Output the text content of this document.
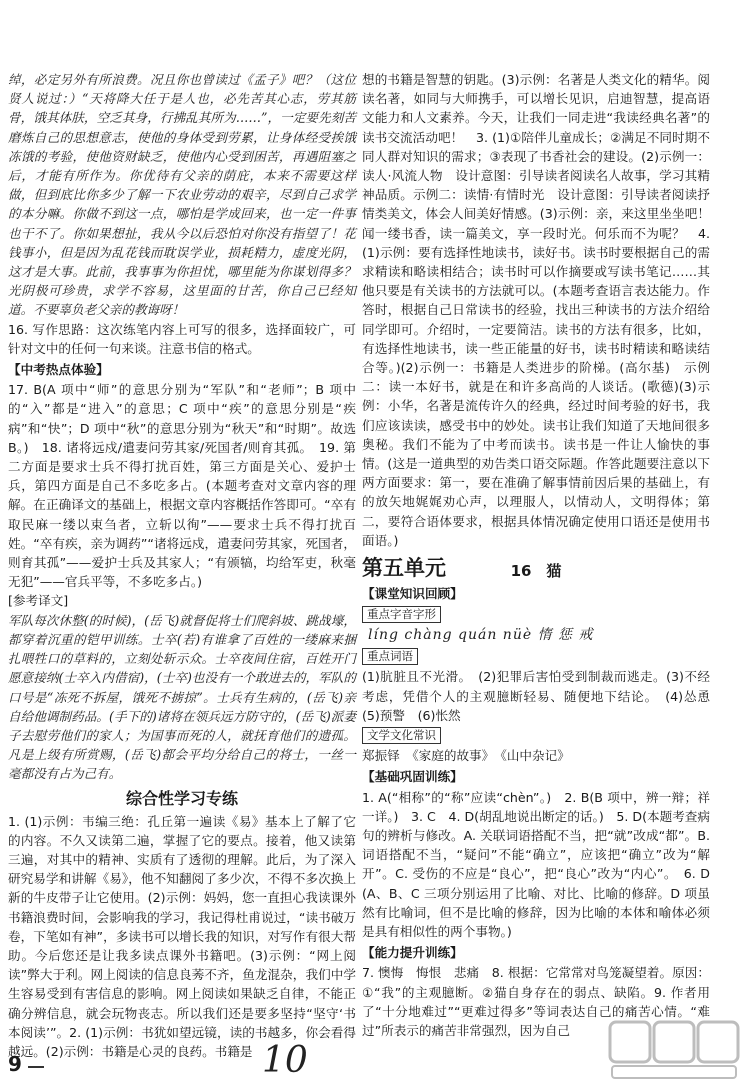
绰，必定另外有所浪费。况且你也曾读过《孟子》吧？（这位贤人说过：）“天将降大任于是人也，必先苦其心志，劳其筋骨，饿其体肤，空乏其身，行拂乱其所为……”，一定要先刻苦磨炼自己的思想意志，使他的身体受到劳累，让身体经受挨饿冻饿的考验，使他资财缺乏，使他内心受到困苦，再遇阻塞之后，才能有所作为。你优待有父亲的荫庇，本来不需要这样做，但到底比你多少了解一下农业劳动的艰辛，尽到自己求学的本分嘛。你做不到这一点，哪怕是学成回来，也一定一件事也干不了。你如果想扯，我从今以后恐怕对你没有指望了！花钱事小，但是因为乱花钱而耽误学业，损耗精力，虚度光阴，这才是大事。此前，我事事为你担忧，哪里能为你谋划得多？光阴极可珍贵，求学不容易，这里面的甘苦，你自己已经知道。不要辜负老父亲的教诲呀！

16. 写作思路：这次练笔内容上可写的很多，选择面较广，可针对文中的任何一句来谈。注意书信的格式。

【中考热点体验】

17. B(A 项中“师”的意思分别为“军队”和“老师”；B 项中的“入”都是“进入”的意思；C 项中“疾”的意思分别是“疾病”和“快”；D 项中“秋”的意思分别为“秋天”和“时期”。故选 B。)　18. 诸将远戍/遣妻问劳其家/死国者/则育其孤。　19. 第二方面是要求士兵不得打扰百姓，第三方面是关心、爱护士兵，第四方面是自己不多吃多占。(本题考查对文章内容的理解。在正确译文的基础上，根据文章内容概括作答即可。“卒有取民麻一缕以束刍者，立斩以徇”——要求士兵不得打扰百姓。“卒有疾，亲为调药”“诸将远戍，遣妻问劳其家，死国者，则育其孤”——爱护士兵及其家人；“有颁犒，均给军吏，秋毫无犯”——官兵平等，不多吃多占。)

[参考译文]

军队每次休整(的时候)，(岳飞)就督促将士们爬斜坡、跳战壕，都穿着沉重的铠甲训练。士卒(若)有谁拿了百姓的一缕麻来捆扎喂牲口的草料的，立刻处斩示众。士卒夜间住宿，百姓开门愿意接纳(士卒入内借宿)，(士卒)也没有一个敢进去的，军队的口号是“冻死不拆屋，饿死不掳掠”。士兵有生病的，(岳飞)亲自给他调制药品。(手下的)诸将在领兵远方防守的，(岳飞)派妻子去慰劳他们的家人；为国事而死的人，就抚育他们的遗孤。凡是上级有所赏赐，(岳飞)都会平均分给自己的将士，一丝一毫都没有占为己有。

综合性学习专练

1. (1)示例：韦编三绝：孔丘第一遍读《易》基本上了解了它的内容。不久又读第二遍，掌握了它的要点。接着，他又读第三遍，对其中的精神、实质有了透彻的理解。此后，为了深入研究易学和讲解《易》，他不知翻阅了多少次，不得不多次换上新的牛皮带子让它使用。(2)示例：妈妈，您一直担心我读课外书籍浪费时间，会影响我的学习，我记得杜甫说过，“读书破万卷，下笔如有神”，多读书可以增长我的知识，对写作有很大帮助。今后您还是让我多读点课外书籍吧。(3)示例：“网上阅读”弊大于利。网上阅读的信息良莠不齐，鱼龙混杂，我们中学生容易受到有害信息的影响。网上阅读如果缺乏自律，不能正确分辨信息，就会玩物丧志。所以我们还是要多坚持“坚守‘书本阅读’”。2. (1)示例：书犹如望远镜，读的书越多，你会看得越远。(2)示例：书籍是心灵的良药。书籍是

想的书籍是智慧的钥匙。(3)示例：名著是人类文化的精华。阅读名著，如同与大师携手，可以增长见识，启迪智慧，提高语文能力和人文素养。今天，让我们一同走进“我读经典名著”的读书交流活动吧！　3. (1)①陪伴儿童成长；②满足不同时期不同人群对知识的需求；③表现了书香社会的建设。(2)示例一：读人·风流人物　设计意图：引导读者阅读名人故事，学习其精神品质。示例二：读情·有情时光　设计意图：引导读者阅读抒情类美文，体会人间美好情感。(3)示例：亲，来这里坐坐吧！闻一缕书香，读一篇美文，享一段时光。何乐而不为呢？　4. (1)示例：要有选择性地读书，读好书。读书时要根据自己的需求精读和略读相结合；读书时可以作摘要或写读书笔记……其他只要是有关读书的方法就可以。(本题考查语言表达能力。作答时，根据自己日常读书的经验，找出三种读书的方法介绍给同学即可。介绍时，一定要简洁。读书的方法有很多，比如，有选择性地读书，读一些正能量的好书，读书时精读和略读结合等。)(2)示例一：书籍是人类进步的阶梯。(高尔基)　示例二：读一本好书，就是在和许多高尚的人谈话。(歌德)(3)示例：小华，名著是流传许久的经典，经过时间考验的好书，我们应该读读，感受书中的妙处。读书让我们知道了天地间很多奥秘。我们不能为了中考而读书。读书是一件让人愉快的事情。(这是一道典型的劝告类口语交际题。作答此题要注意以下两方面要求：第一，要在准确了解事情前因后果的基础上，有的放矢地娓娓劝心声，以理服人，以情动人，文明得体；第二，要符合语体要求，根据具体情况确定使用口语还是使用书面语。)

第五单元	16　猫
【课堂知识回顾】
重点字音字形
líng chàng quán nüè 惰 惩 戒
重点词语

(1)肮脏且不光滑。　(2)犯罪后害怕受到制裁而逃走。(3)不经考虑，凭借个人的主观臆断轻易、随便地下结论。　(4)怂恿　(5)预警　(6)怅然

文学文化常识

郑振铎　《家庭的故事》　《山中杂记》

【基础巩固训练】

1. A(“相称”的“称”应读“chèn”。)　2. B(B 项中，辨一辩；祥一详。)　3. C　4. D(胡乱地说出断定的话。)　5. D(本题考查病句的辨析与修改。A. 关联词语搭配不当，把“就”改成“都”。B. 词语搭配不当，“疑问”不能“确立”，应该把“确立”改为“解开”。C. 受伤的不应是“良心”，把“良心”改为“内心”。　6. D(A、B、C 三项分别运用了比喻、对比、比喻的修辞。D 项虽然有比喻词，但不是比喻的修辞，因为比喻的本体和喻体必须是具有相似性的两个事物。)

【能力提升训练】

7. 懊悔　悔恨　悲痛　8. 根据：它常常对鸟笼凝望着。原因：①“我”的主观臆断。②猫自身存在的弱点、缺陷。9. 作者用了“十分地难过”“更难过得多”等词表达自己的痛苦心情。“难过”所表示的痛苦非常强烈，因为自己

9	10
